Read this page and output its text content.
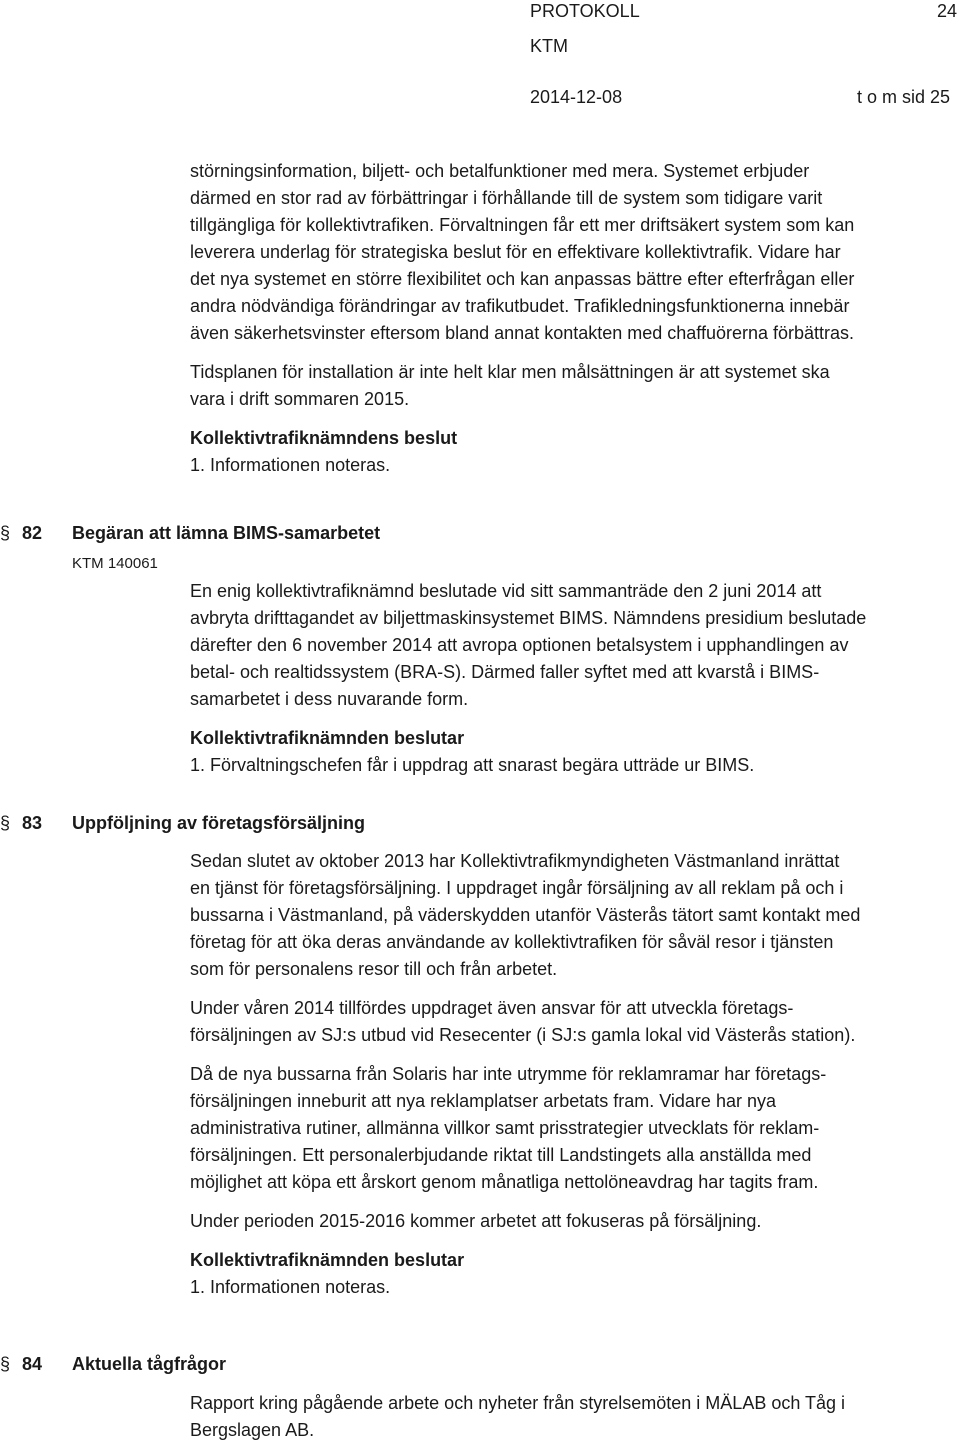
PROTOKOLL	24
KTM
2014-12-08	t o m sid 25

störningsinformation, biljett- och betalfunktioner med mera. Systemet erbjuder
därmed en stor rad av förbättringar i förhållande till de system som tidigare varit
tillgängliga för kollektivtrafiken. Förvaltningen får ett mer driftsäkert system som kan
leverera underlag för strategiska beslut för en effektivare kollektivtrafik. Vidare har
det nya systemet en större flexibilitet och kan anpassas bättre efter efterfrågan eller
andra nödvändiga förändringar av trafikutbudet. Trafikledningsfunktionerna innebär
även säkerhetsvinster eftersom bland annat kontakten med chaffuörerna förbättras.

Tidsplanen för installation är inte helt klar men målsättningen är att systemet ska
vara i drift sommaren 2015.

Kollektivtrafiknämndens beslut

1. Informationen noteras.

§ 82 Begäran att lämna BIMS-samarbetet
KTM 140061

En enig kollektivtrafiknämnd beslutade vid sitt sammanträde den 2 juni 2014 att
avbryta drifttagandet av biljettmaskinsystemet BIMS. Nämndens presidium beslutade
därefter den 6 november 2014 att avropa optionen betalsystem i upphandlingen av
betal- och realtidssystem (BRA-S). Därmed faller syftet med att kvarstå i BIMS-
samarbetet i dess nuvarande form.

Kollektivtrafiknämnden beslutar

1. Förvaltningschefen får i uppdrag att snarast begära utträde ur BIMS.

§ 83 Uppföljning av företagsförsäljning

Sedan slutet av oktober 2013 har Kollektivtrafikmyndigheten Västmanland inrättat
en tjänst för företagsförsäljning. I uppdraget ingår försäljning av all reklam på och i
bussarna i Västmanland, på väderskydden utanför Västerås tätort samt kontakt med
företag för att öka deras användande av kollektivtrafiken för såväl resor i tjänsten
som för personalens resor till och från arbetet.

Under våren 2014 tillfördes uppdraget även ansvar för att utveckla företags-
försäljningen av SJ:s utbud vid Resecenter (i SJ:s gamla lokal vid Västerås station).

Då de nya bussarna från Solaris har inte utrymme för reklamramar har företags-
försäljningen inneburit att nya reklamplatser arbetats fram. Vidare har nya
administrativa rutiner, allmänna villkor samt prisstrategier utvecklats för reklam-
försäljningen. Ett personalerbjudande riktat till Landstingets alla anställda med
möjlighet att köpa ett årskort genom månatliga nettolöneavdrag har tagits fram.

Under perioden 2015-2016 kommer arbetet att fokuseras på försäljning.

Kollektivtrafiknämnden beslutar

1. Informationen noteras.

§ 84 Aktuella tågfrågor

Rapport kring pågående arbete och nyheter från styrelsemöten i MÄLAB och Tåg i
Bergslagen AB.
